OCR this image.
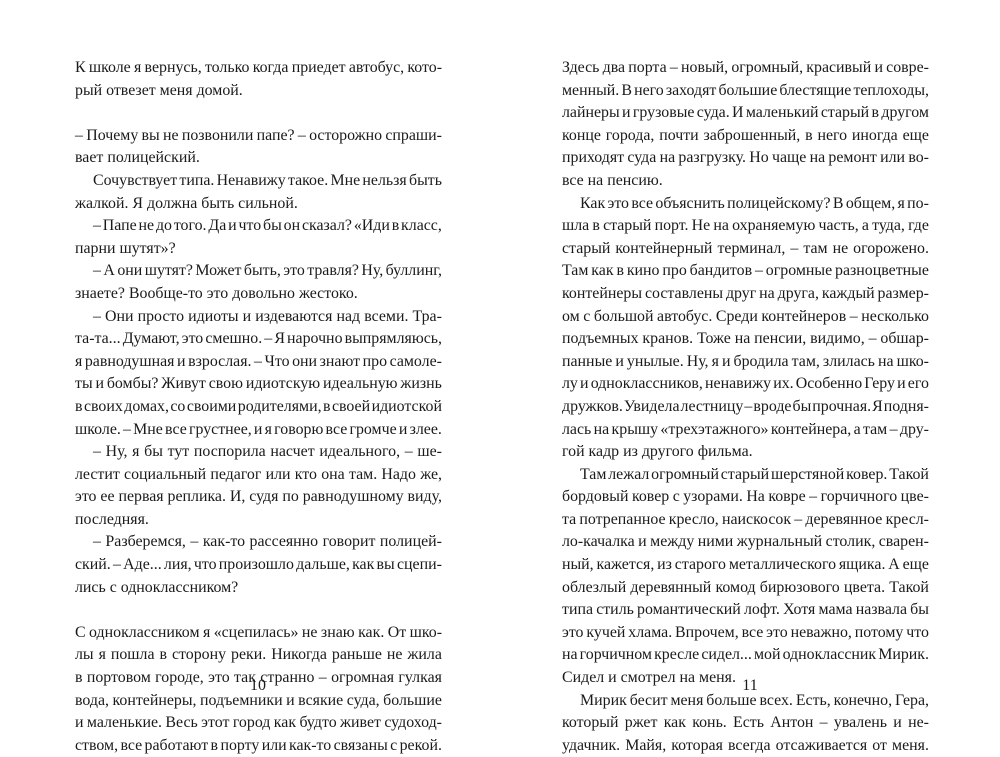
К школе я вернусь, только когда приедет автобус, кото-
рый отвезет меня домой.
– Почему вы не позвонили папе? – осторожно спраши-
вает полицейский.
Сочувствует типа. Ненавижу такое. Мне нельзя быть
жалкой. Я должна быть сильной.
– Папе не до того. Да и что бы он сказал? «Иди в класс,
парни шутят»?
– А они шутят? Может быть, это травля? Ну, буллинг,
знаете? Вообще-то это довольно жестоко.
– Они просто идиоты и издеваются над всеми. Тра-
та-та... Думают, это смешно. – Я нарочно выпрямляюсь,
я равнодушная и взрослая. – Что они знают про самоле-
ты и бомбы? Живут свою идиотскую идеальную жизнь
в своих домах, со своими родителями, в своей идиотской
школе. – Мне все грустнее, и я говорю все громче и злее.
– Ну, я бы тут поспорила насчет идеального, – ше-
лестит социальный педагог или кто она там. Надо же,
это ее первая реплика. И, судя по равнодушному виду,
последняя.
– Разберемся, – как-то рассеянно говорит полицей-
ский. – Аде... лия, что произошло дальше, как вы сцепи-
лись с одноклассником?
С одноклассником я «сцепилась» не знаю как. От шко-
лы я пошла в сторону реки. Никогда раньше не жила
в портовом городе, это так странно – огромная гулкая
вода, контейнеры, подъемники и всякие суда, большие
и маленькие. Весь этот город как будто живет судоход-
ством, все работают в порту или как-то связаны с рекой.
10
Здесь два порта – новый, огромный, красивый и совре-
менный. В него заходят большие блестящие теплоходы,
лайнеры и грузовые суда. И маленький старый в другом
конце города, почти заброшенный, в него иногда еще
приходят суда на разгрузку. Но чаще на ремонт или во-
все на пенсию.
Как это все объяснить полицейскому? В общем, я по-
шла в старый порт. Не на охраняемую часть, а туда, где
старый контейнерный терминал, – там не огорожено.
Там как в кино про бандитов – огромные разноцветные
контейнеры составлены друг на друга, каждый размер-
ом с большой автобус. Среди контейнеров – несколько
подъемных кранов. Тоже на пенсии, видимо, – обшар-
панные и унылые. Ну, я и бродила там, злилась на шко-
лу и одноклассников, ненавижу их. Особенно Геру и его
дружков. Увидела лестницу – вроде бы прочная. Я подня-
лась на крышу «трехэтажного» контейнера, а там – дру-
гой кадр из другого фильма.
Там лежал огромный старый шерстяной ковер. Такой
бордовый ковер с узорами. На ковре – горчичного цве-
та потрепанное кресло, наискосок – деревянное кресл-
ло-качалка и между ними журнальный столик, сварен-
ный, кажется, из старого металлического ящика. А еще
облезлый деревянный комод бирюзового цвета. Такой
типа стиль романтический лофт. Хотя мама назвала бы
это кучей хлама. Впрочем, все это неважно, потому что
на горчичном кресле сидел... мой одноклассник Мирик.
Сидел и смотрел на меня.
Мирик бесит меня больше всех. Есть, конечно, Гера,
который ржет как конь. Есть Антон – увалень и не-
удачник. Майя, которая всегда отсаживается от меня.
11
